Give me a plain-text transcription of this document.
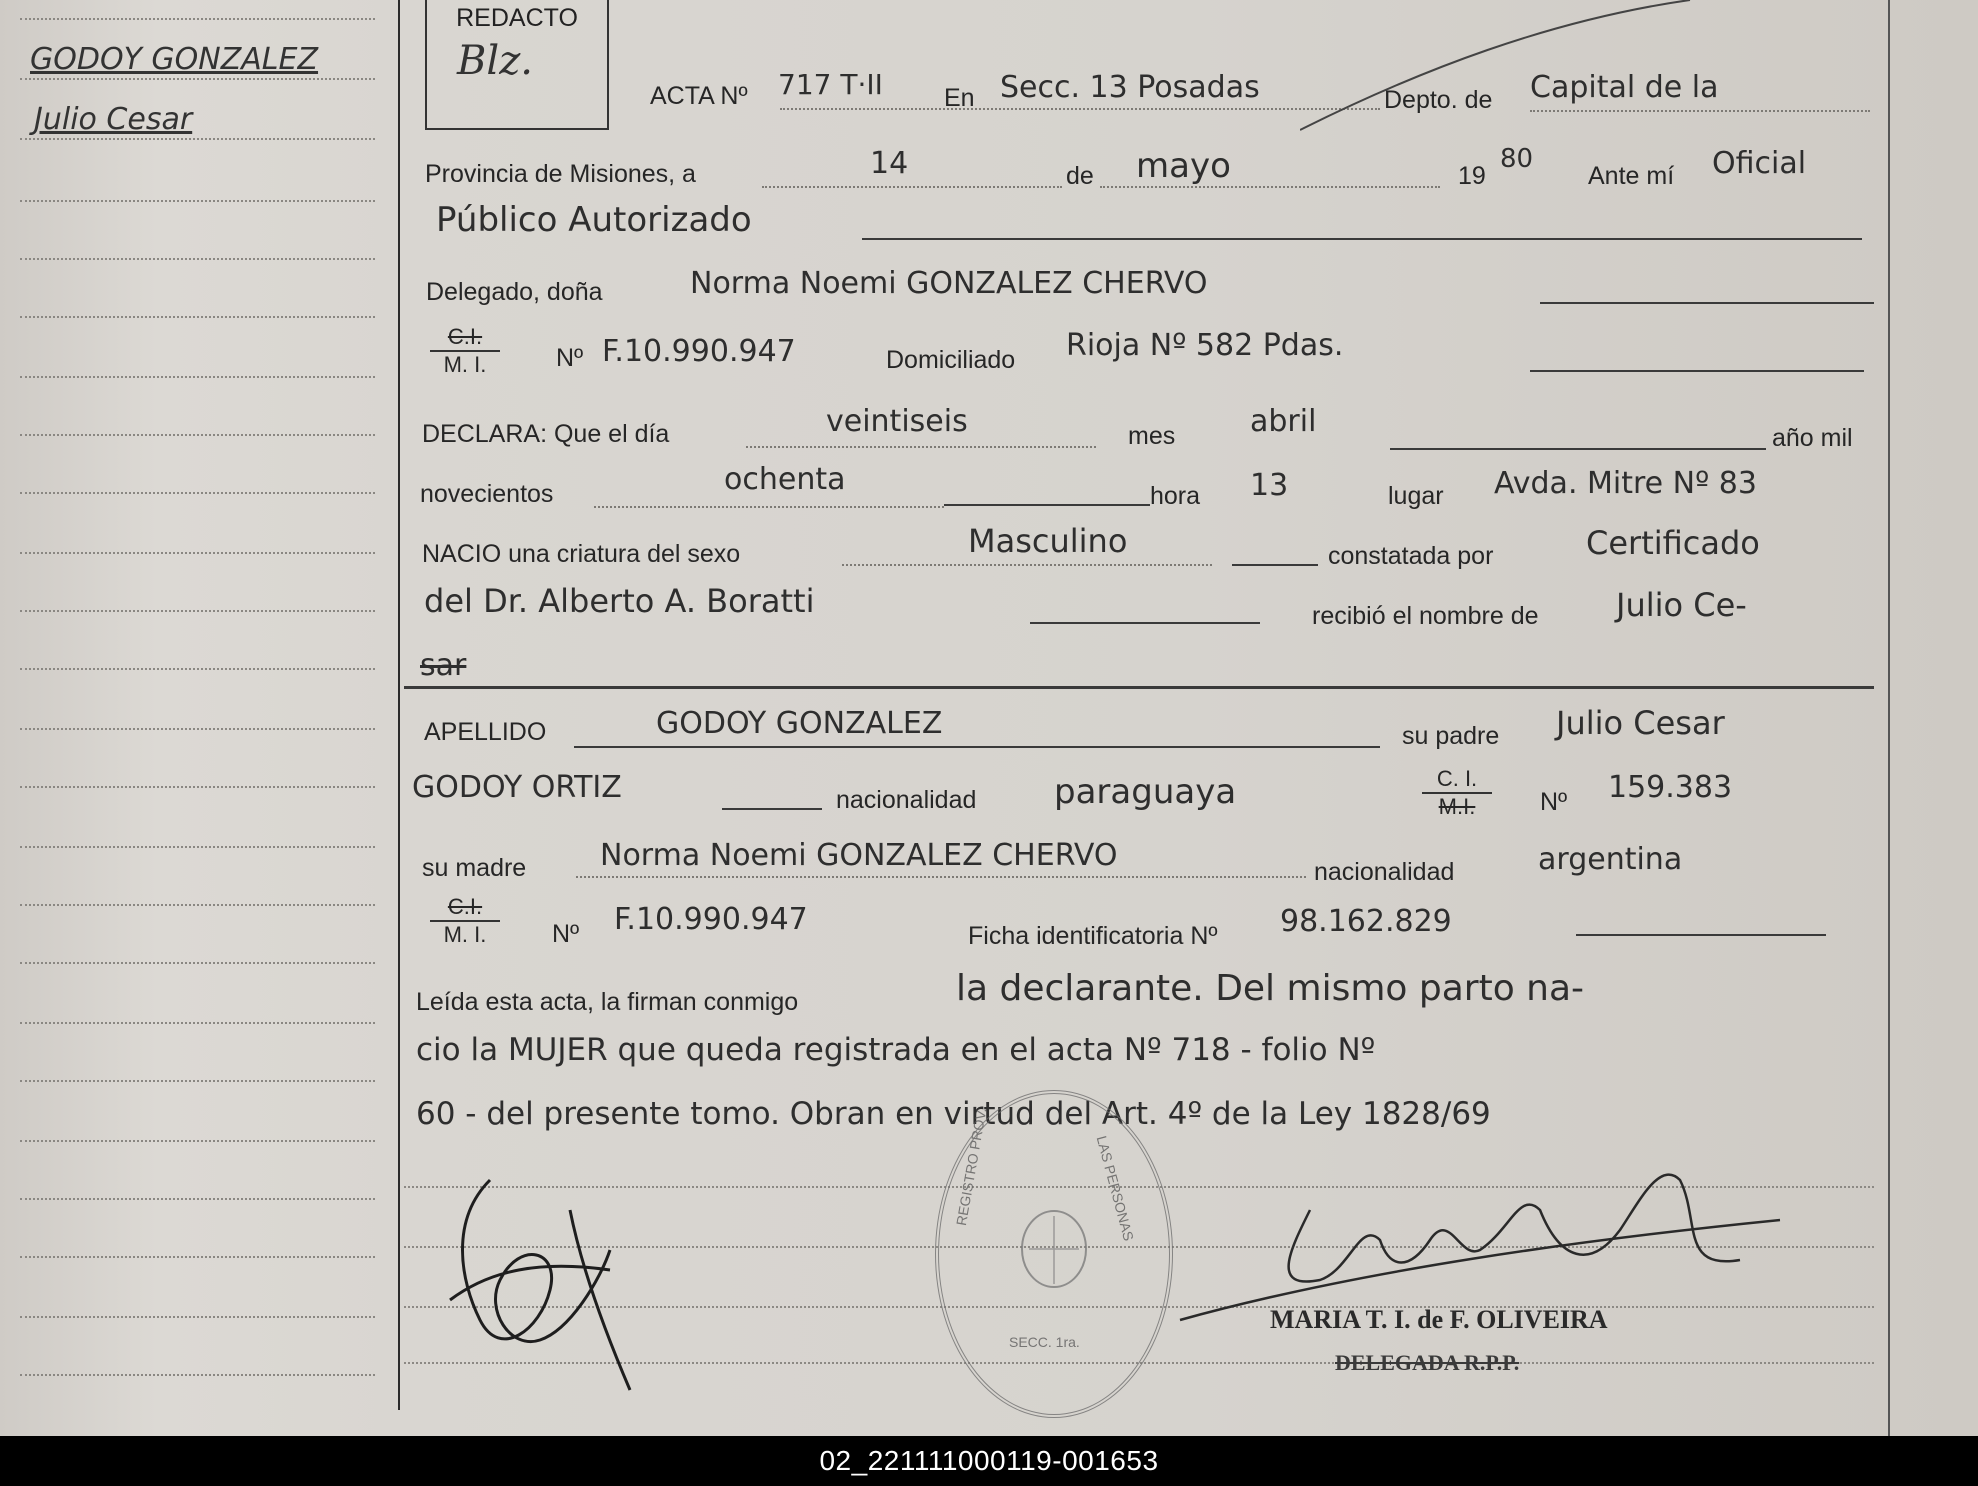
GODOY GONZALEZ
Julio Cesar
REDACTO
Blz.
ACTA Nº 717 T·II En Secc. 13 Posadas	Depto. de Capital de la
Provincia de Misiones, a	14	de mayo	19
80
Ante mí Oficial
Público Autorizado
Delegado, doña	Norma Noemi GONZALEZ CHERVO
$\frac{C.I.}{M. I.}$ Nº F.10.990.947	Domiciliado Rioja Nº 582 Pdas.
DECLARA: Que el día	veintiseis	mes abril	año mil
novecientos	ochenta	hora 13	lugar Avda. Mitre Nº 83
NACIO una criatura del sexo	Masculino	constatada por	Certificado
del Dr. Alberto A. Boratti	recibió el nombre de Julio Ce-
sar
APELLIDO	GODOY GONZALEZ	su padre Julio Cesar
GODOY ORTIZ	nacionalidad paraguaya	$\frac{C. I.}{M.I.}$ Nº 159.383
su madre Norma Noemi GONZALEZ CHERVO	nacionalidad	argentina
$\frac{C.I.}{M. I.}$ Nº F.10.990.947	Ficha identificatoria Nº 98.162.829
Leída esta acta, la firman conmigo	la declarante. Del mismo parto na-
cio la MUJER que queda registrada en el acta Nº 718 - folio Nº
60 - del presente tomo. Obran en virtud del Art. 4º de la Ley 1828/69
MARIA T. I. de F. OLIVEIRA
DELEGADA R.P.P.
REGISTRO PROV.	LAS PERSONAS
SECC. 1ra.
02_221111000119-001653
